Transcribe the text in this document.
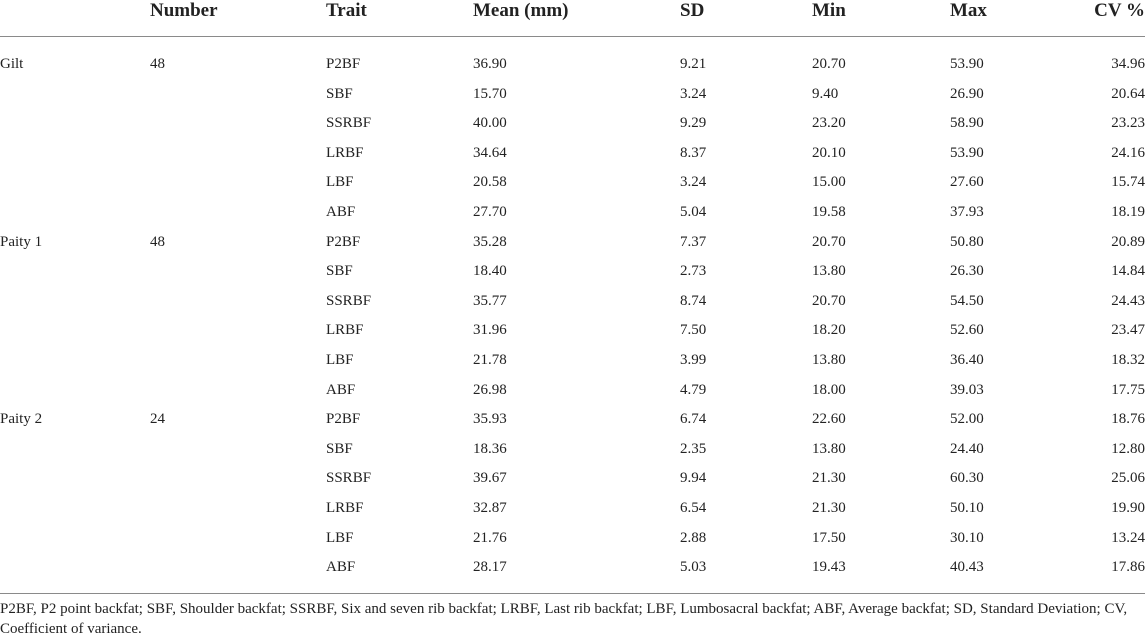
	Number	Trait	Mean (mm)	SD	Min	Max	CV %
Gilt	48	P2BF	36.90	9.21	20.70	53.90	34.96
		SBF	15.70	3.24	9.40	26.90	20.64
		SSRBF	40.00	9.29	23.20	58.90	23.23
		LRBF	34.64	8.37	20.10	53.90	24.16
		LBF	20.58	3.24	15.00	27.60	15.74
		ABF	27.70	5.04	19.58	37.93	18.19
Paity 1	48	P2BF	35.28	7.37	20.70	50.80	20.89
		SBF	18.40	2.73	13.80	26.30	14.84
		SSRBF	35.77	8.74	20.70	54.50	24.43
		LRBF	31.96	7.50	18.20	52.60	23.47
		LBF	21.78	3.99	13.80	36.40	18.32
		ABF	26.98	4.79	18.00	39.03	17.75
Paity 2	24	P2BF	35.93	6.74	22.60	52.00	18.76
		SBF	18.36	2.35	13.80	24.40	12.80
		SSRBF	39.67	9.94	21.30	60.30	25.06
		LRBF	32.87	6.54	21.30	50.10	19.90
		LBF	21.76	2.88	17.50	30.10	13.24
		ABF	28.17	5.03	19.43	40.43	17.86
P2BF, P2 point backfat; SBF, Shoulder backfat; SSRBF, Six and seven rib backfat; LRBF, Last rib backfat; LBF, Lumbosacral backfat; ABF, Average backfat; SD, Standard Deviation; CV, Coefficient of variance.
